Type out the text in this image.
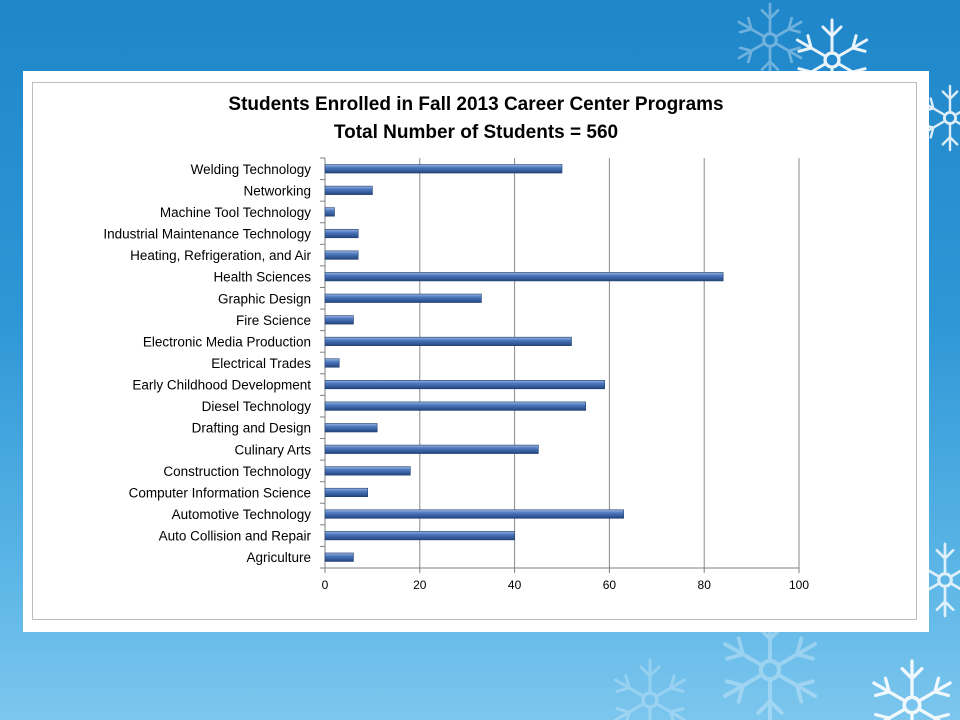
Students Enrolled in Fall 2013 Career Center Programs
Total Number of Students = 560
Welding Technology
Networking
Machine Tool Technology
Industrial Maintenance Technology
Heating, Refrigeration, and Air
Health Sciences
Graphic Design
Fire Science
Electronic Media Production
Electrical Trades
Early Childhood Development
Diesel Technology
Drafting and Design
Culinary Arts
Construction Technology
Computer Information Science
Automotive Technology
Auto Collision and Repair
Agriculture
0	20	40	60	80	100
